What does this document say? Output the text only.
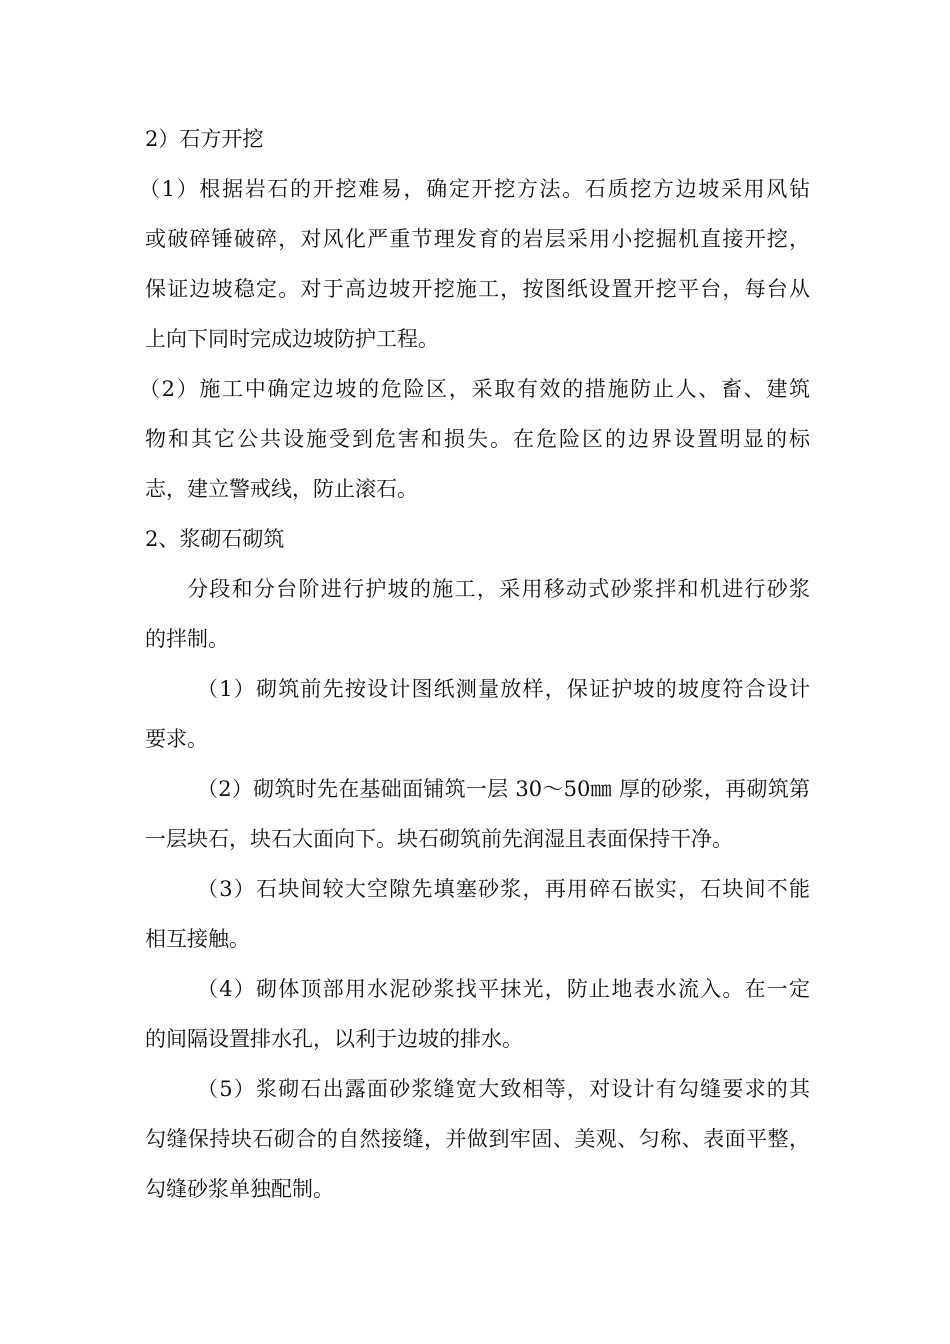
2）石方开挖
（1）根据岩石的开挖难易，确定开挖方法。石质挖方边坡采用风钻
或破碎锤破碎，对风化严重节理发育的岩层采用小挖掘机直接开挖，
保证边坡稳定。对于高边坡开挖施工，按图纸设置开挖平台，每台从
上向下同时完成边坡防护工程。
（2）施工中确定边坡的危险区，采取有效的措施防止人、畜、建筑
物和其它公共设施受到危害和损失。在危险区的边界设置明显的标
志，建立警戒线，防止滚石。
2、浆砌石砌筑
分段和分台阶进行护坡的施工，采用移动式砂浆拌和机进行砂浆
的拌制。
（1）砌筑前先按设计图纸测量放样，保证护坡的坡度符合设计
要求。
（2）砌筑时先在基础面铺筑一层 30～50㎜ 厚的砂浆，再砌筑第
一层块石，块石大面向下。块石砌筑前先润湿且表面保持干净。
（3）石块间较大空隙先填塞砂浆，再用碎石嵌实，石块间不能
相互接触。
（4）砌体顶部用水泥砂浆找平抹光，防止地表水流入。在一定
的间隔设置排水孔，以利于边坡的排水。
（5）浆砌石出露面砂浆缝宽大致相等，对设计有勾缝要求的其
勾缝保持块石砌合的自然接缝，并做到牢固、美观、匀称、表面平整，
勾缝砂浆单独配制。
